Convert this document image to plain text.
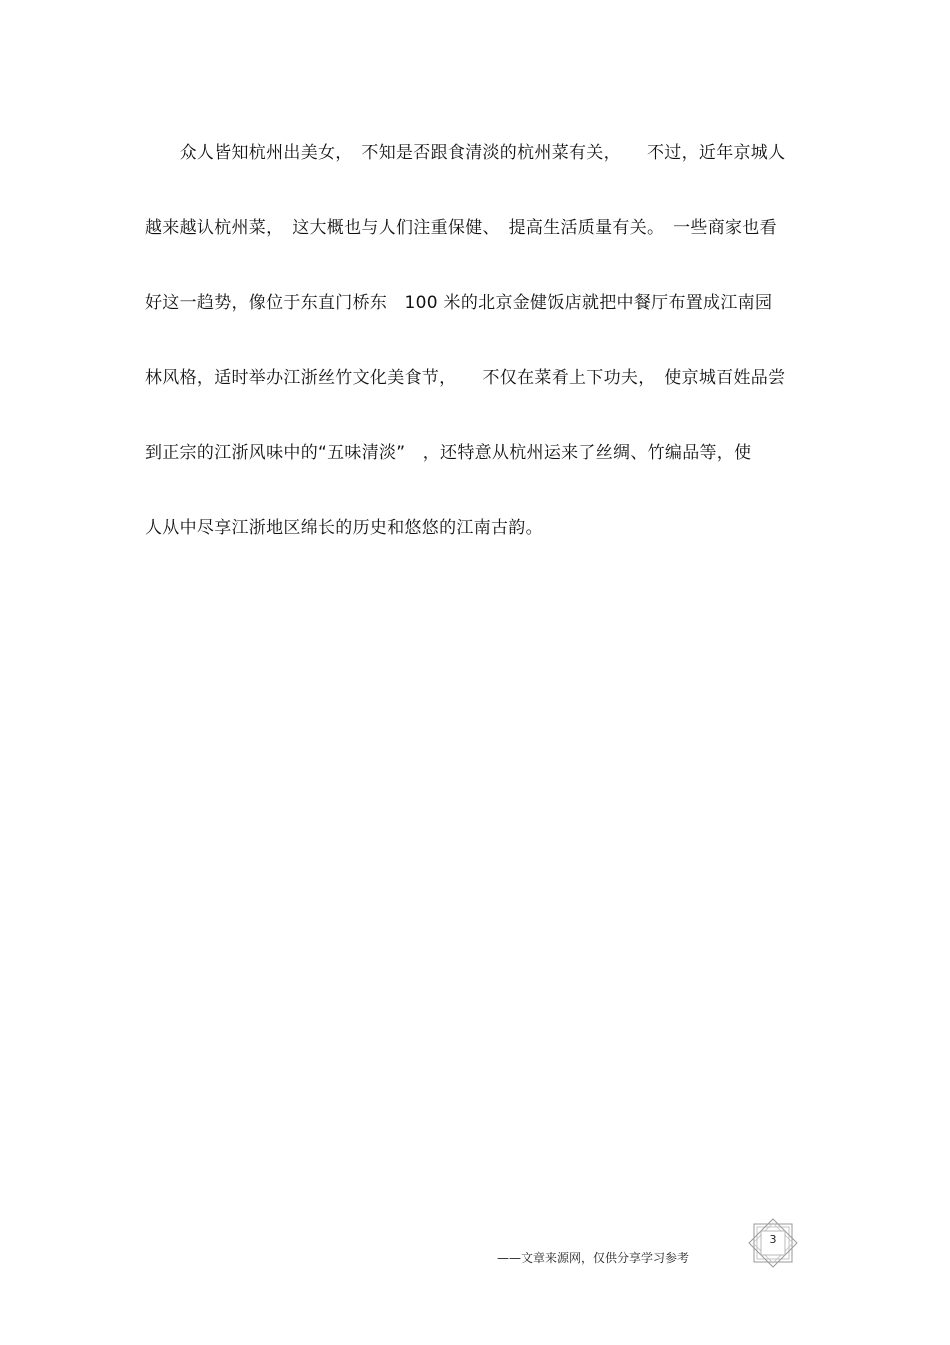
　　众人皆知杭州出美女，　不知是否跟食清淡的杭州菜有关，　　不过，近年京城人
越来越认杭州菜，　这大概也与人们注重保健、　提高生活质量有关。　一些商家也看
好这一趋势，像位于东直门桥东　100 米的北京金健饭店就把中餐厅布置成江南园
林风格，适时举办江浙丝竹文化美食节，　　不仅在菜肴上下功夫，　使京城百姓品尝
到正宗的江浙风味中的“五味清淡”　，还特意从杭州运来了丝绸、竹编品等，使
人从中尽享江浙地区绵长的历史和悠悠的江南古韵。
——文章来源网，仅供分享学习参考
3
